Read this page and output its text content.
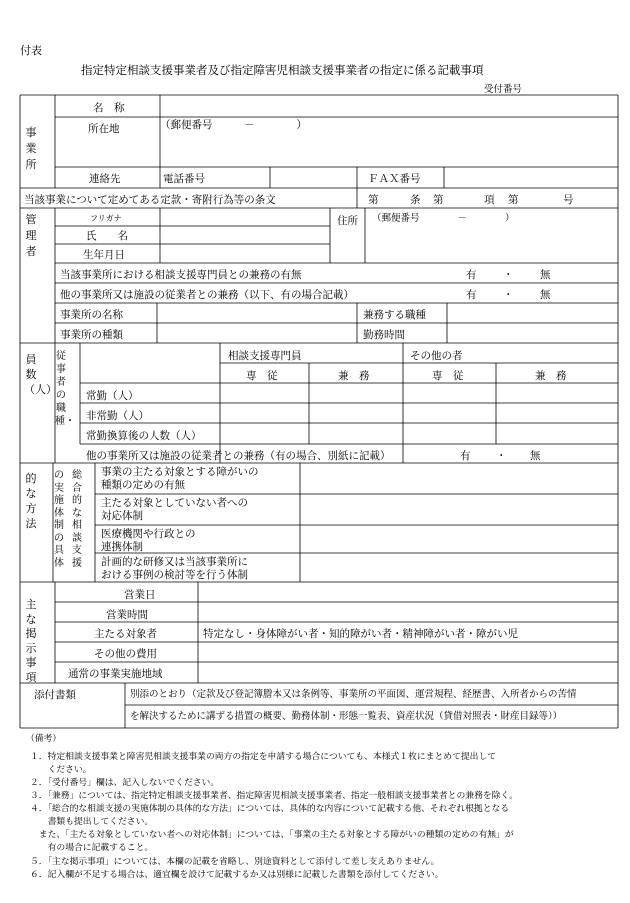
付表
指定特定相談支援事業者及び指定障害児相談支援事業者の指定に係る記載事項
受付番号
事業所
名　称
所在地	（郵便番号　　　－　　　　）
連絡先	電話番号	ＦＡＸ番号
当該事業について定めてある定款・寄附行為等の条文	第	条 第	項 第	号
管理者
フリガナ
氏　　名
生年月日
住所 （郵便番号　　　　－　　　　）
当該事業所における相談支援専門員との兼務の有無	有	・	無
他の事業所又は施設の従業者との兼務（以下、有の場合記載）	有	・	無
事業所の名称	兼務する職種
事業所の種類	勤務時間
員数（人）
従事者の職種・
相談支援専門員	その他の者
専　従	兼　務	専　従	兼　務
常勤（人）
非常勤（人）
常勤換算後の人数（人）
他の事業所又は施設の従業者との兼務（有の場合、別紙に記載）	有 ・ 無
的な方法
の実施体制の具体
総合的な相談支援
事業の主たる対象とする障がいの
種類の定めの有無
主たる対象としていない者への
対応体制
医療機関や行政との
連携体制
計画的な研修又は当該事業所に
おける事例の検討等を行う体制
主な掲示事項
営業日
営業時間
主たる対象者	特定なし・身体障がい者・知的障がい者・精神障がい者・障がい児
その他の費用
通常の事業実施地域
添付書類	別添のとおり（定款及び登記簿謄本又は条例等、事業所の平面図、運営規程、経歴書、入所者からの苦情
を解決するために講ずる措置の概要、勤務体制・形態一覧表、資産状況（貸借対照表・財産目録等））
（備考）
１．特定相談支援事業と障害児相談支援事業の両方の指定を申請する場合についても、本様式１枚にまとめて提出して
　　ください。
２．「受付番号」欄は、記入しないでください。
３．「兼務」については、指定特定相談支援事業者、指定障害児相談支援事業者、指定一般相談支援事業者との兼務を除く。
４．「総合的な相談支援の実施体制の具体的な方法」については、具体的な内容について記載する他、それぞれ根拠となる
　　書類も提出してください。
　また、「主たる対象としていない者への対応体制」については、「事業の主たる対象とする障がいの種類の定めの有無」が
　　有の場合に記載すること。
５．「主な掲示事項」については、本欄の記載を省略し、別途資料として添付して差し支えありません。
６．記入欄が不足する場合は、適宜欄を設けて記載するか又は別様に記載した書類を添付してください。
